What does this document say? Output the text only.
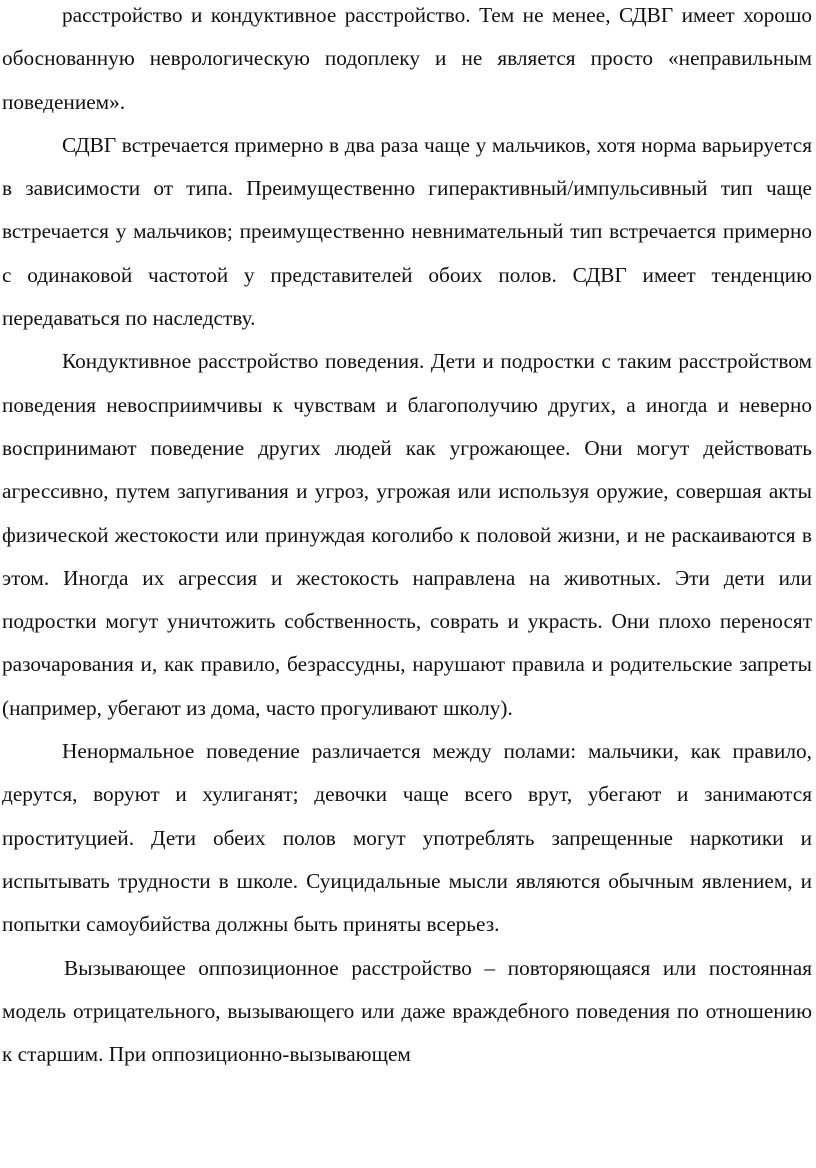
расстройство и кондуктивное расстройство. Тем не менее, СДВГ имеет хорошо обоснованную неврологическую подоплеку и не является просто «неправильным поведением».

СДВГ встречается примерно в два раза чаще у мальчиков, хотя норма варьируется в зависимости от типа. Преимущественно гиперактивный/импульсивный тип чаще встречается у мальчиков; преимущественно невнимательный тип встречается примерно с одинаковой частотой у представителей обоих полов. СДВГ имеет тенденцию передаваться по наследству.

Кондуктивное расстройство поведения. Дети и подростки с таким расстройством поведения невосприимчивы к чувствам и благополучию других, а иногда и неверно воспринимают поведение других людей как угрожающее. Они могут действовать агрессивно, путем запугивания и угроз, угрожая или используя оружие, совершая акты физической жестокости или принуждая коголибо к половой жизни, и не раскаиваются в этом. Иногда их агрессия и жестокость направлена на животных. Эти дети или подростки могут уничтожить собственность, соврать и украсть. Они плохо переносят разочарования и, как правило, безрассудны, нарушают правила и родительские запреты (например, убегают из дома, часто прогуливают школу).

Ненормальное поведение различается между полами: мальчики, как правило, дерутся, воруют и хулиганят; девочки чаще всего врут, убегают и занимаются проституцией. Дети обеих полов могут употреблять запрещенные наркотики и испытывать трудности в школе. Суицидальные мысли являются обычным явлением, и попытки самоубийства должны быть приняты всерьез.

Вызывающее оппозиционное расстройство – повторяющаяся или постоянная модель отрицательного, вызывающего или даже враждебного поведения по отношению к старшим. При оппозиционно-вызывающем
